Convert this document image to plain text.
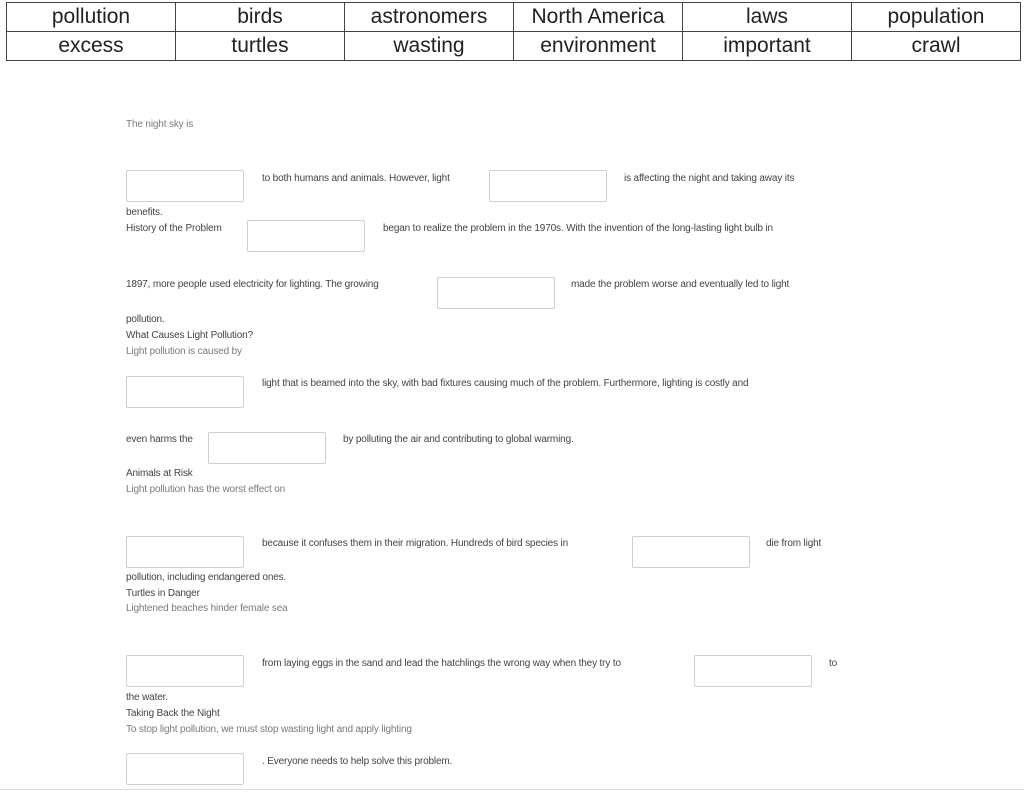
pollution	birds	astronomers	North America	laws	population
excess	turtles	wasting	environment	important	crawl
The night sky is
to both humans and animals. However, light	is affecting the night and taking away its
benefits.
History of the Problem	began to realize the problem in the 1970s. With the invention of the long-lasting light bulb in
1897, more people used electricity for lighting. The growing	made the problem worse and eventually led to light
pollution.
What Causes Light Pollution?
Light pollution is caused by
light that is beamed into the sky, with bad fixtures causing much of the problem. Furthermore, lighting is costly and
even harms the	by polluting the air and contributing to global warming.
Animals at Risk
Light pollution has the worst effect on
because it confuses them in their migration. Hundreds of bird species in	die from light
pollution, including endangered ones.
Turtles in Danger
Lightened beaches hinder female sea
from laying eggs in the sand and lead the hatchlings the wrong way when they try to	to
the water.
Taking Back the Night
To stop light pollution, we must stop wasting light and apply lighting
. Everyone needs to help solve this problem.
